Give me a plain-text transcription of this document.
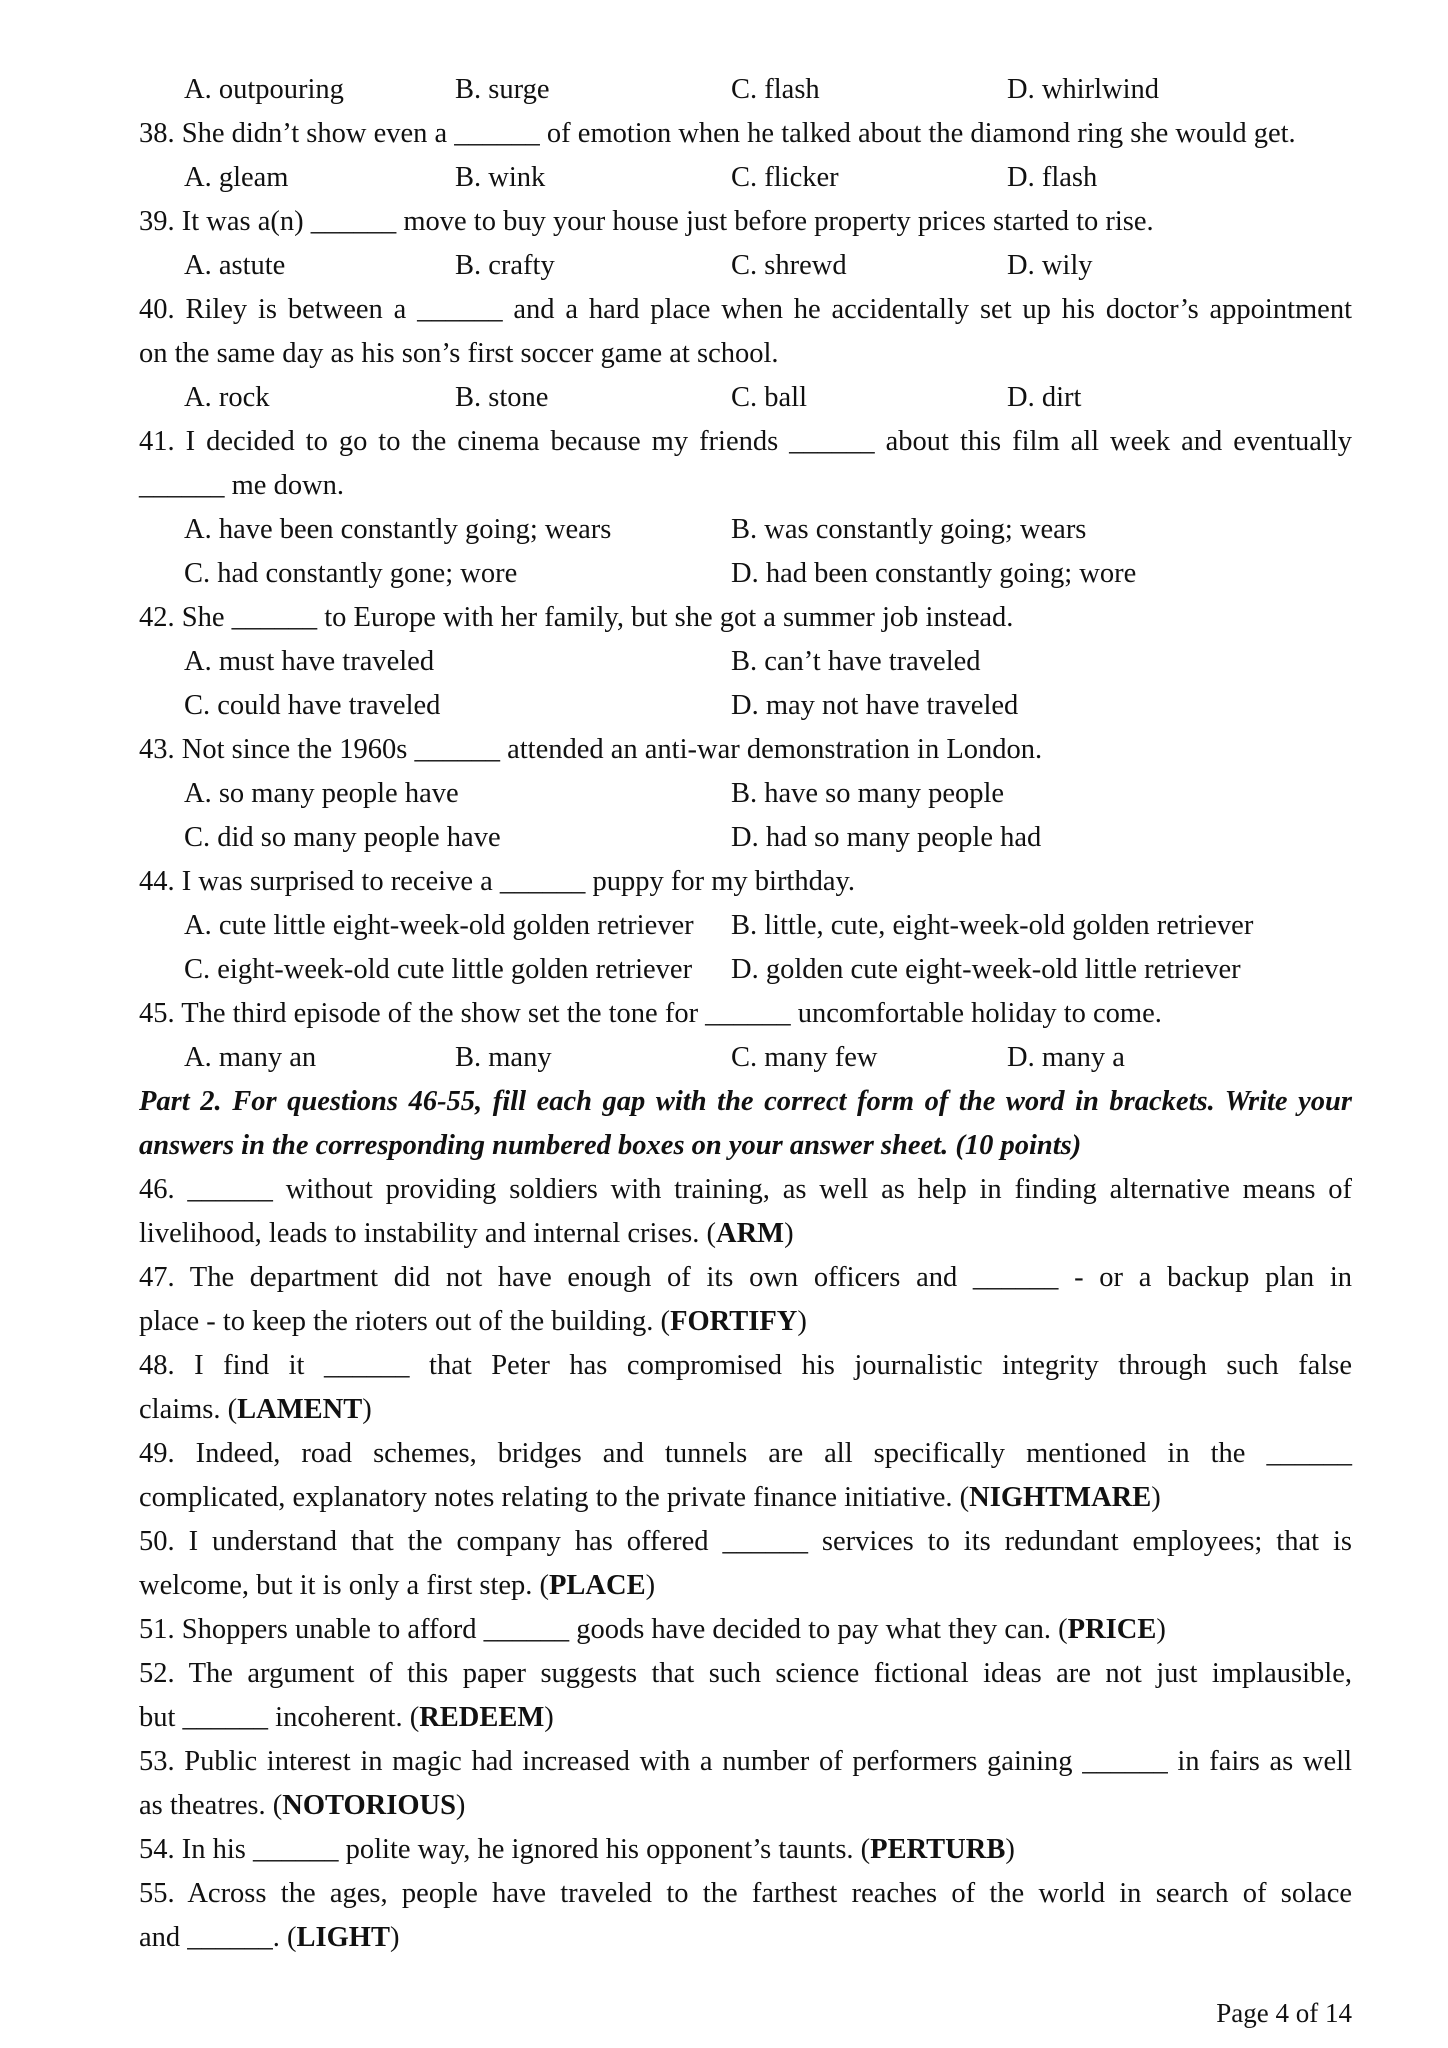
A. outpouring	B. surge	C. flash	D. whirlwind
38. She didn’t show even a ______ of emotion when he talked about the diamond ring she would get.
A. gleam	B. wink	C. flicker	D. flash
39. It was a(n) ______ move to buy your house just before property prices started to rise.
A. astute	B. crafty	C. shrewd	D. wily
40. Riley is between a ______ and a hard place when he accidentally set up his doctor’s appointment
on the same day as his son’s first soccer game at school.
A. rock	B. stone	C. ball	D. dirt
41. I decided to go to the cinema because my friends ______ about this film all week and eventually
______ me down.
A. have been constantly going; wears	B. was constantly going; wears
C. had constantly gone; wore	D. had been constantly going; wore
42. She ______ to Europe with her family, but she got a summer job instead.
A. must have traveled	B. can’t have traveled
C. could have traveled	D. may not have traveled
43. Not since the 1960s ______ attended an anti-war demonstration in London.
A. so many people have	B. have so many people
C. did so many people have	D. had so many people had
44. I was surprised to receive a ______ puppy for my birthday.
A. cute little eight-week-old golden retriever B. little, cute, eight-week-old golden retriever
C. eight-week-old cute little golden retriever D. golden cute eight-week-old little retriever
45. The third episode of the show set the tone for ______ uncomfortable holiday to come.
A. many an	B. many	C. many few	D. many a
Part 2. For questions 46-55, fill each gap with the correct form of the word in brackets. Write your
answers in the corresponding numbered boxes on your answer sheet. (10 points)
46. ______ without providing soldiers with training, as well as help in finding alternative means of
livelihood, leads to instability and internal crises. (ARM)
47. The department did not have enough of its own officers and ______ - or a backup plan in
place - to keep the rioters out of the building. (FORTIFY)
48. I find it ______ that Peter has compromised his journalistic integrity through such false
claims. (LAMENT)
49. Indeed, road schemes, bridges and tunnels are all specifically mentioned in the ______
complicated, explanatory notes relating to the private finance initiative. (NIGHTMARE)
50. I understand that the company has offered ______ services to its redundant employees; that is
welcome, but it is only a first step. (PLACE)
51. Shoppers unable to afford ______ goods have decided to pay what they can. (PRICE)
52. The argument of this paper suggests that such science fictional ideas are not just implausible,
but ______ incoherent. (REDEEM)
53. Public interest in magic had increased with a number of performers gaining ______ in fairs as well
as theatres. (NOTORIOUS)
54. In his ______ polite way, he ignored his opponent’s taunts. (PERTURB)
55. Across the ages, people have traveled to the farthest reaches of the world in search of solace
and ______. (LIGHT)
Page 4 of 14
